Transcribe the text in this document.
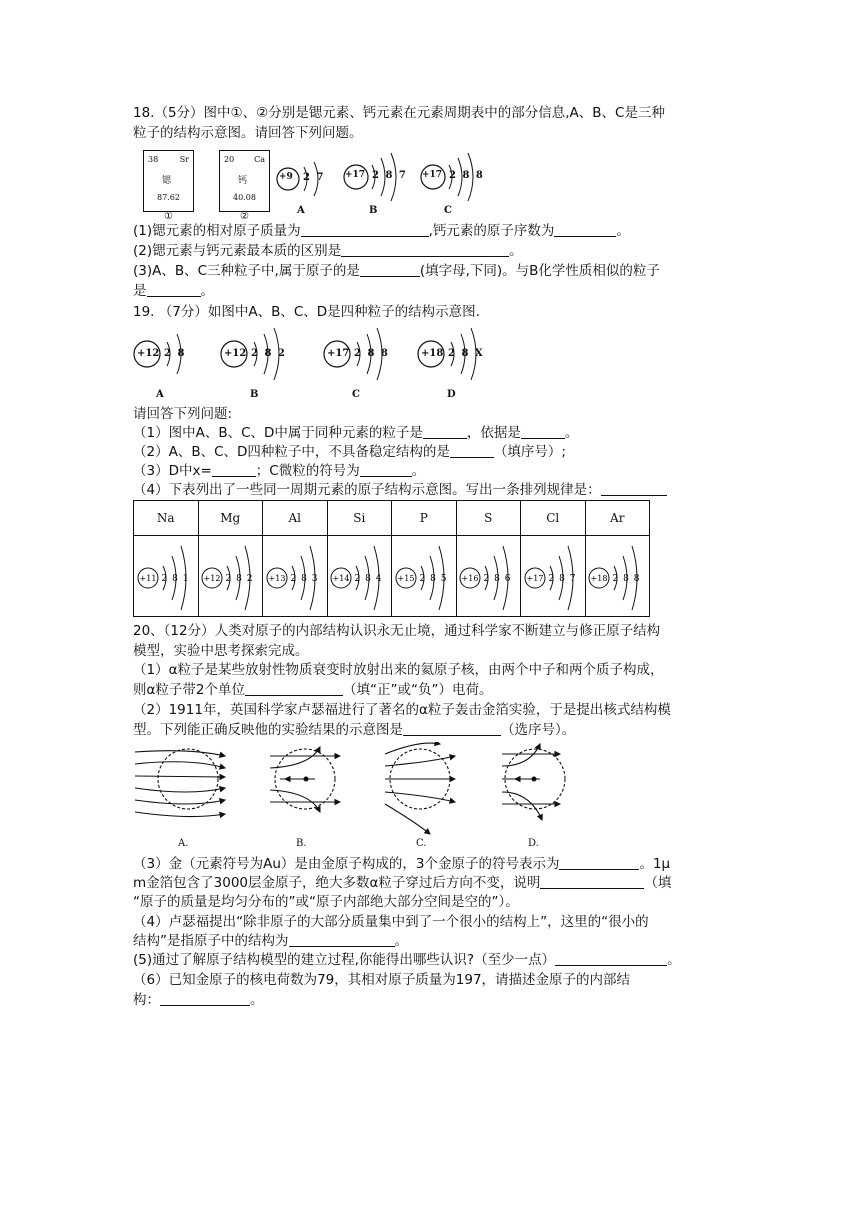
18.（5分）图中①、②分别是锶元素、钙元素在元素周期表中的部分信息,A、B、C是三种
粒子的结构示意图。请回答下列问题。
38	Sr
锶
87.62
①
20 Ca
钙
40.08
②
+9 2 7
A
+17 2 8 7
B
+17 2 8 8
C
(1)锶元素的相对原子质量为	,钙元素的原子序数为	。
(2)锶元素与钙元素最本质的区别是	。
(3)A、B、C三种粒子中,属于原子的是	(填字母,下同)。与B化学性质相似的粒子
是	。
19. （7分）如图中A、B、C、D是四种粒子的结构示意图.
+12 2 8
A
+12 2 8 2
B
+17 2 8 8
C
+18 2 8 X
D
请回答下列问题:
（1）图中A、B、C、D中属于同种元素的粒子是	，依据是	。
（2）A、B、C、D四种粒子中，不具备稳定结构的是	（填序号）;
（3）D中x=	；C微粒的符号为	。
（4）下表列出了一些同一周期元素的原子结构示意图。写出一条排列规律是：
Na	Mg	Al	Si	P	S	Cl	Ar

+11 2 8 1	+12 2 8 2	+13 2 8 3	+14 2 8 4	+15 2 8 5	+16 2 8 6	+17 2 8 7	+18 2 8 8
20、（12分）人类对原子的内部结构认识永无止境，通过科学家不断建立与修正原子结构
模型，实验中思考探索完成。
（1）α粒子是某些放射性物质衰变时放射出来的氦原子核，由两个中子和两个质子构成，
则α粒子带2个单位	（填“正”或“负”）电荷。
（2）1911年，英国科学家卢瑟福进行了著名的α粒子轰击金箔实验，于是提出核式结构模
型。下列能正确反映他的实验结果的示意图是	（选序号）。
A.	B.	C.	D.
（3）金（元素符号为Au）是由金原子构成的，3个金原子的符号表示为	。1μ
m金箔包含了3000层金原子，绝大多数α粒子穿过后方向不变，说明	（填
“原子的质量是均匀分布的”或“原子内部绝大部分空间是空的”）。
（4）卢瑟福提出“除非原子的大部分质量集中到了一个很小的结构上”，这里的“很小的
结构”是指原子中的结构为	。
(5)通过了解原子结构模型的建立过程,你能得出哪些认识?（至少一点）	。
（6）已知金原子的核电荷数为79，其相对原子质量为197，请描述金原子的内部结
构：	。
